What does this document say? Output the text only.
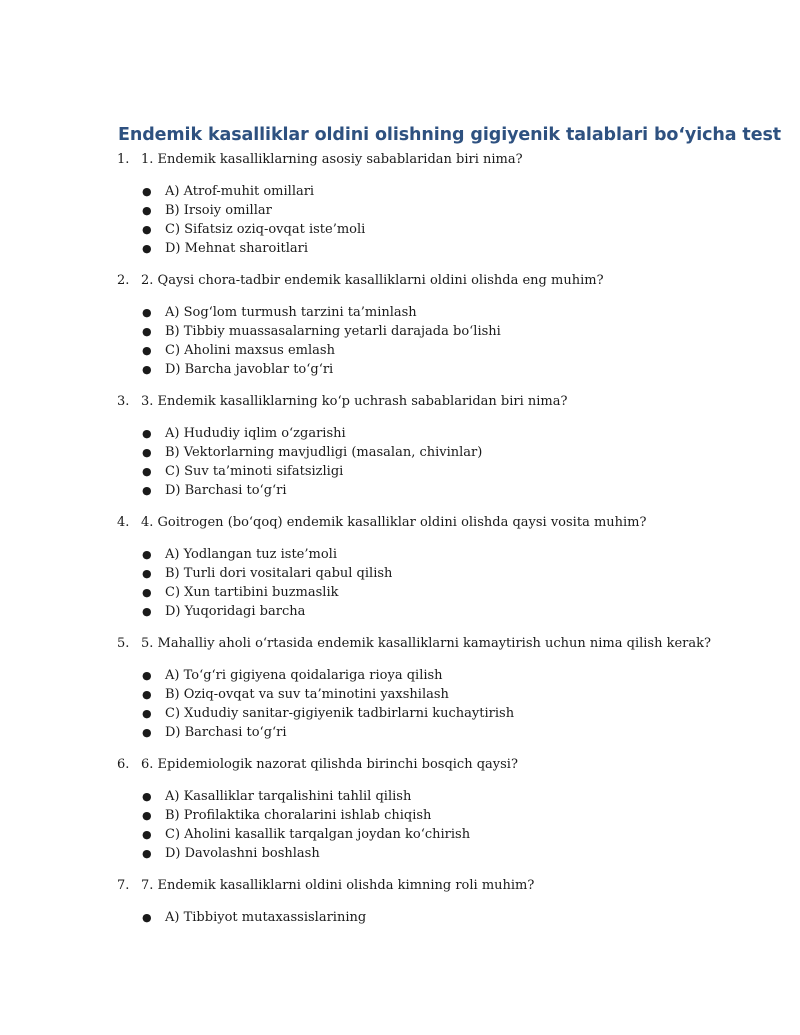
Endemik kasalliklar oldini olishning gigiyenik talablari bo‘yicha test
1. 1. Endemik kasalliklarning asosiy sabablaridan biri nima?
● A) Atrof-muhit omillari
● B) Irsoiy omillar
● C) Sifatsiz oziq-ovqat iste’moli
● D) Mehnat sharoitlari
2. 2. Qaysi chora-tadbir endemik kasalliklarni oldini olishda eng muhim?
● A) Sog‘lom turmush tarzini ta’minlash
● B) Tibbiy muassasalarning yetarli darajada bo‘lishi
● C) Aholini maxsus emlash
● D) Barcha javoblar to‘g‘ri
3. 3. Endemik kasalliklarning ko‘p uchrash sabablaridan biri nima?
● A) Hududiy iqlim o‘zgarishi
● B) Vektorlarning mavjudligi (masalan, chivinlar)
● C) Suv ta’minoti sifatsizligi
● D) Barchasi to‘g‘ri
4. 4. Goitrogen (bo‘qoq) endemik kasalliklar oldini olishda qaysi vosita muhim?
● A) Yodlangan tuz iste’moli
● B) Turli dori vositalari qabul qilish
● C) Xun tartibini buzmaslik
● D) Yuqoridagi barcha
5. 5. Mahalliy aholi o‘rtasida endemik kasalliklarni kamaytirish uchun nima qilish kerak?
● A) To‘g‘ri gigiyena qoidalariga rioya qilish
● B) Oziq-ovqat va suv ta’minotini yaxshilash
● C) Xududiy sanitar-gigiyenik tadbirlarni kuchaytirish
● D) Barchasi to‘g‘ri
6. 6. Epidemiologik nazorat qilishda birinchi bosqich qaysi?
● A) Kasalliklar tarqalishini tahlil qilish
● B) Profilaktika choralarini ishlab chiqish
● C) Aholini kasallik tarqalgan joydan ko‘chirish
● D) Davolashni boshlash
7. 7. Endemik kasalliklarni oldini olishda kimning roli muhim?
● A) Tibbiyot mutaxassislarining
